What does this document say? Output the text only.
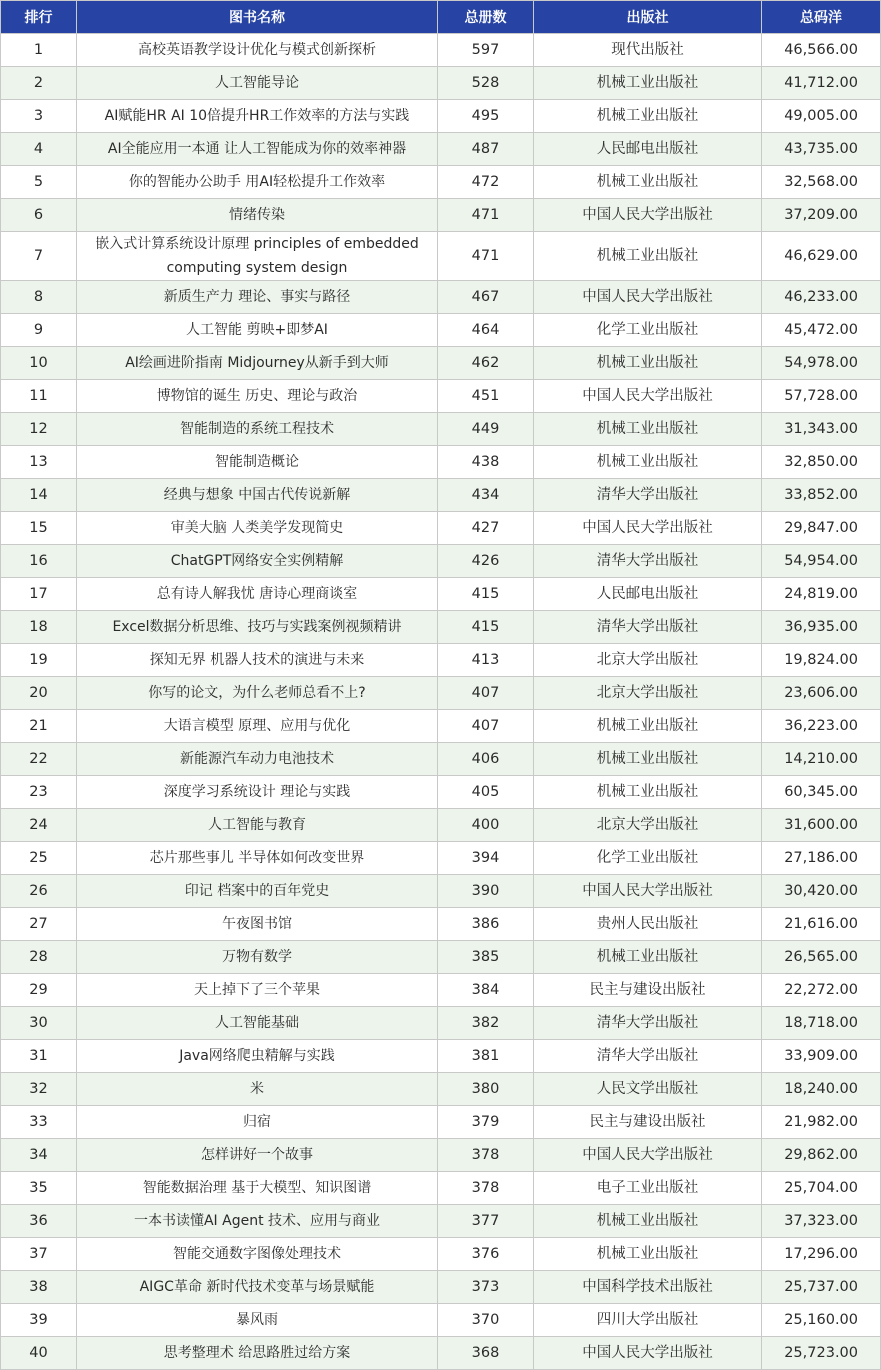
排行	图书名称	总册数	出版社	总码洋
1	高校英语教学设计优化与模式创新探析	597	现代出版社	46,566.00
2	人工智能导论	528	机械工业出版社	41,712.00
3	AI赋能HR AI 10倍提升HR工作效率的方法与实践	495	机械工业出版社	49,005.00
4	AI全能应用一本通 让人工智能成为你的效率神器	487	人民邮电出版社	43,735.00
5	你的智能办公助手 用AI轻松提升工作效率	472	机械工业出版社	32,568.00
6	情绪传染	471	中国人民大学出版社	37,209.00
7	嵌入式计算系统设计原理 principles of embedded computing system design	471	机械工业出版社	46,629.00
8	新质生产力 理论、事实与路径	467	中国人民大学出版社	46,233.00
9	人工智能 剪映+即梦AI	464	化学工业出版社	45,472.00
10	AI绘画进阶指南 Midjourney从新手到大师	462	机械工业出版社	54,978.00
11	博物馆的诞生 历史、理论与政治	451	中国人民大学出版社	57,728.00
12	智能制造的系统工程技术	449	机械工业出版社	31,343.00
13	智能制造概论	438	机械工业出版社	32,850.00
14	经典与想象 中国古代传说新解	434	清华大学出版社	33,852.00
15	审美大脑 人类美学发现简史	427	中国人民大学出版社	29,847.00
16	ChatGPT网络安全实例精解	426	清华大学出版社	54,954.00
17	总有诗人解我忧 唐诗心理商谈室	415	人民邮电出版社	24,819.00
18	Excel数据分析思维、技巧与实践案例视频精讲	415	清华大学出版社	36,935.00
19	探知无界 机器人技术的演进与未来	413	北京大学出版社	19,824.00
20	你写的论文，为什么老师总看不上?	407	北京大学出版社	23,606.00
21	大语言模型 原理、应用与优化	407	机械工业出版社	36,223.00
22	新能源汽车动力电池技术	406	机械工业出版社	14,210.00
23	深度学习系统设计 理论与实践	405	机械工业出版社	60,345.00
24	人工智能与教育	400	北京大学出版社	31,600.00
25	芯片那些事儿 半导体如何改变世界	394	化学工业出版社	27,186.00
26	印记 档案中的百年党史	390	中国人民大学出版社	30,420.00
27	午夜图书馆	386	贵州人民出版社	21,616.00
28	万物有数学	385	机械工业出版社	26,565.00
29	天上掉下了三个苹果	384	民主与建设出版社	22,272.00
30	人工智能基础	382	清华大学出版社	18,718.00
31	Java网络爬虫精解与实践	381	清华大学出版社	33,909.00
32	米	380	人民文学出版社	18,240.00
33	归宿	379	民主与建设出版社	21,982.00
34	怎样讲好一个故事	378	中国人民大学出版社	29,862.00
35	智能数据治理 基于大模型、知识图谱	378	电子工业出版社	25,704.00
36	一本书读懂AI Agent 技术、应用与商业	377	机械工业出版社	37,323.00
37	智能交通数字图像处理技术	376	机械工业出版社	17,296.00
38	AIGC革命 新时代技术变革与场景赋能	373	中国科学技术出版社	25,737.00
39	暴风雨	370	四川大学出版社	25,160.00
40	思考整理术 给思路胜过给方案	368	中国人民大学出版社	25,723.00
